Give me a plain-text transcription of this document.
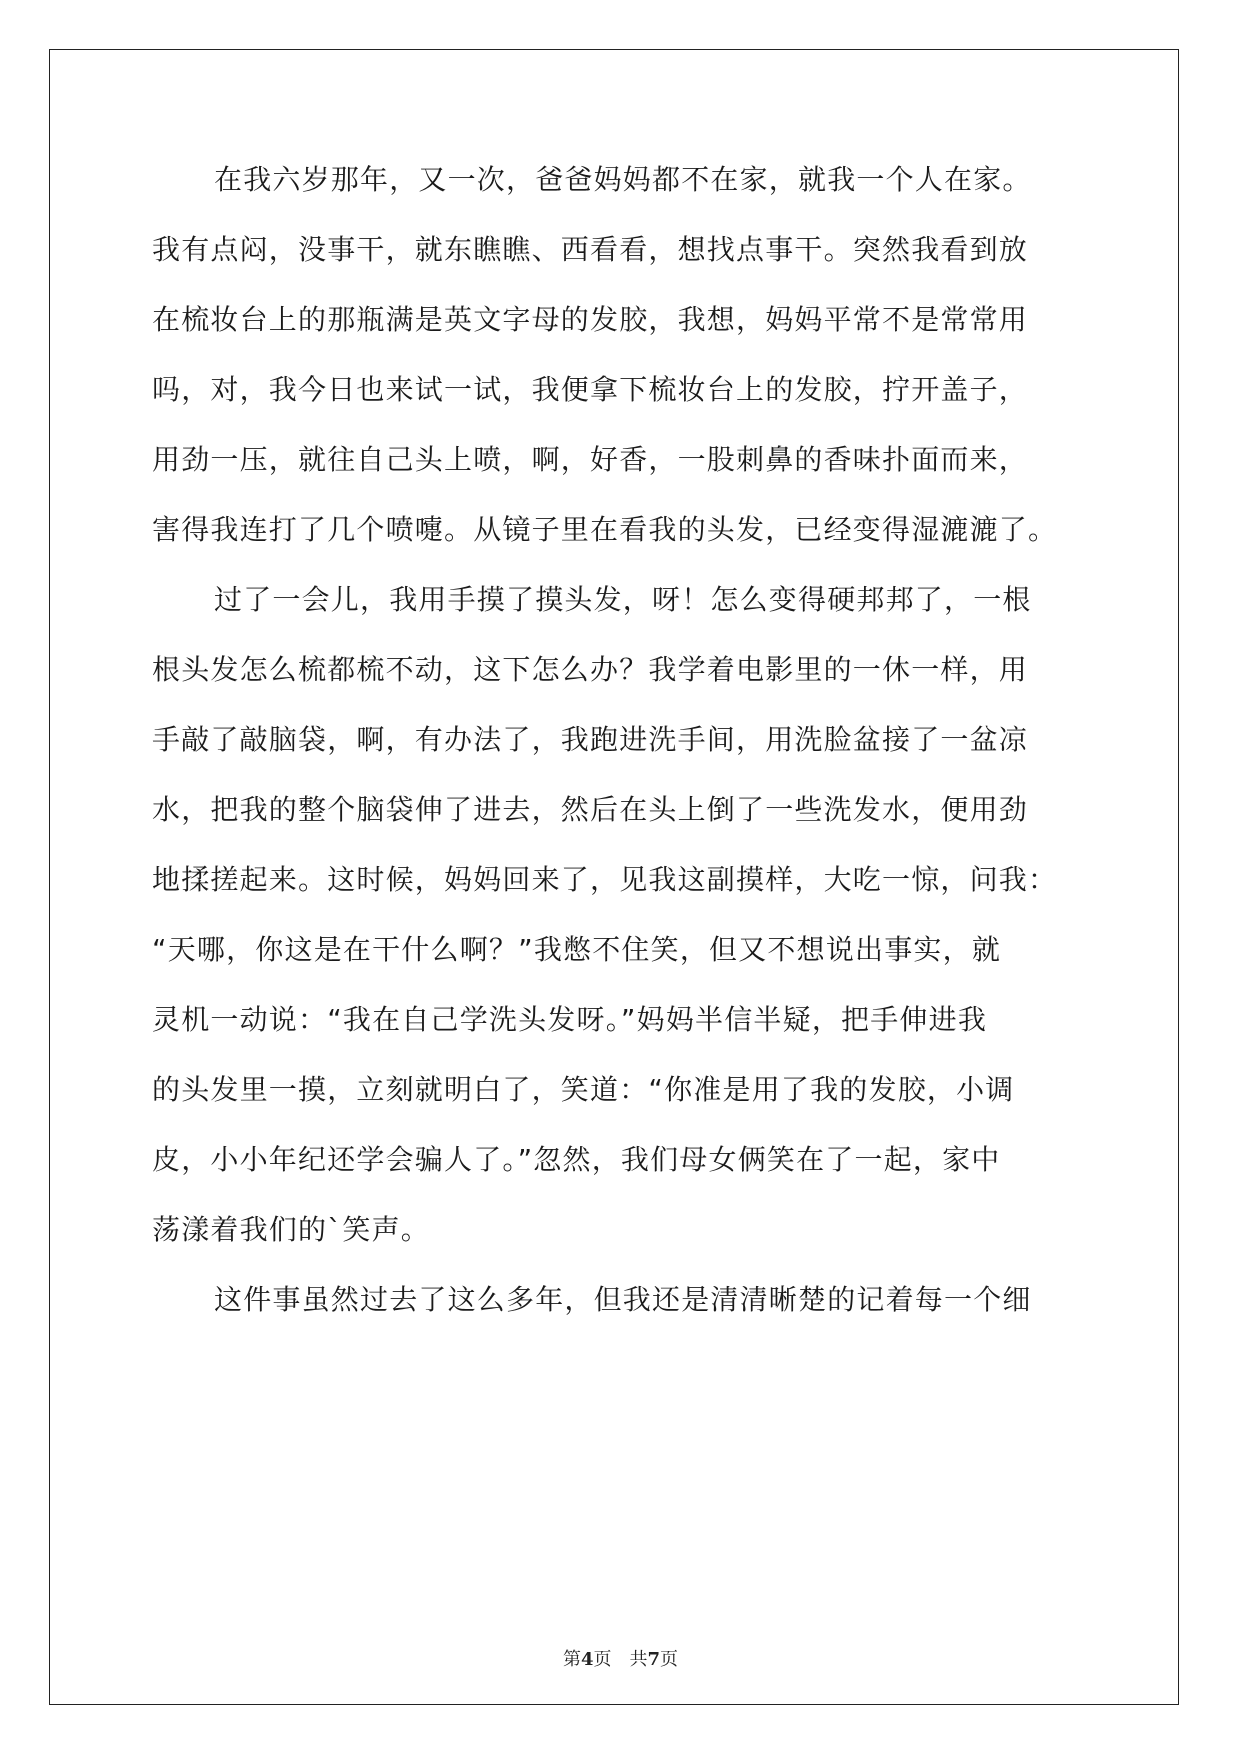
在我六岁那年，又一次，爸爸妈妈都不在家，就我一个人在家。
我有点闷，没事干，就东瞧瞧、西看看，想找点事干。突然我看到放
在梳妆台上的那瓶满是英文字母的发胶，我想，妈妈平常不是常常用
吗，对，我今日也来试一试，我便拿下梳妆台上的发胶，拧开盖子，
用劲一压，就往自己头上喷，啊，好香，一股刺鼻的香味扑面而来，
害得我连打了几个喷嚏。从镜子里在看我的头发，已经变得湿漉漉了。
过了一会儿，我用手摸了摸头发，呀！怎么变得硬邦邦了，一根
根头发怎么梳都梳不动，这下怎么办？我学着电影里的一休一样，用
手敲了敲脑袋，啊，有办法了，我跑进洗手间，用洗脸盆接了一盆凉
水，把我的整个脑袋伸了进去，然后在头上倒了一些洗发水，便用劲
地揉搓起来。这时候，妈妈回来了，见我这副摸样，大吃一惊，问我：
“天哪，你这是在干什么啊？”我憋不住笑，但又不想说出事实，就
灵机一动说：“我在自己学洗头发呀。”妈妈半信半疑，把手伸进我
的头发里一摸，立刻就明白了，笑道：“你准是用了我的发胶，小调
皮，小小年纪还学会骗人了。”忽然，我们母女俩笑在了一起，家中
荡漾着我们的`笑声。
这件事虽然过去了这么多年，但我还是清清晰楚的记着每一个细
第4页 共7页
